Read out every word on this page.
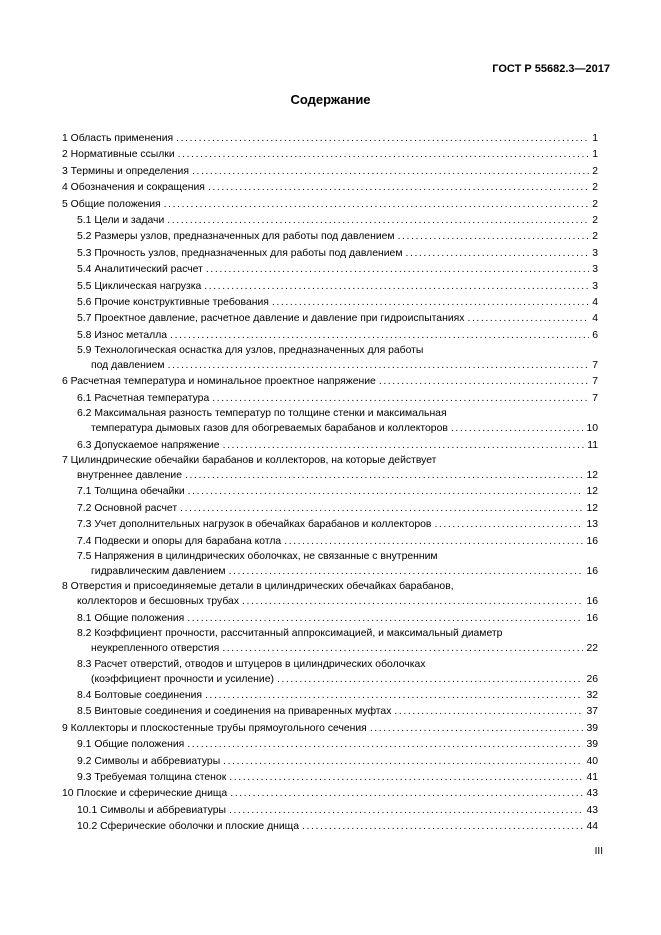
ГОСТ Р 55682.3—2017
Содержание
1 Область применения .....	1
2 Нормативные ссылки .....	1
3 Термины и определения .....	2
4 Обозначения и сокращения .....	2
5 Общие положения .....	2
5.1 Цели и задачи .....	2
5.2 Размеры узлов, предназначенных для работы под давлением .....	2
5.3 Прочность узлов, предназначенных для работы под давлением .....	3
5.4 Аналитический расчет .....	3
5.5 Циклическая нагрузка .....	3
5.6 Прочие конструктивные требования .....	4
5.7 Проектное давление, расчетное давление и давление при гидроиспытаниях .....	4
5.8 Износ металла .....	6
5.9 Технологическая оснастка для узлов, предназначенных для работы
под давлением .....	7
6 Расчетная температура и номинальное проектное напряжение .....	7
6.1 Расчетная температура .....	7
6.2 Максимальная разность температур по толщине стенки и максимальная
температура дымовых газов для обогреваемых барабанов и коллекторов .....	10
6.3 Допускаемое напряжение .....	11
7 Цилиндрические обечайки барабанов и коллекторов, на которые действует
внутреннее давление .....	12
7.1 Толщина обечайки .....	12
7.2 Основной расчет .....	12
7.3 Учет дополнительных нагрузок в обечайках барабанов и коллекторов .....	13
7.4 Подвески и опоры для барабана котла .....	16
7.5 Напряжения в цилиндрических оболочках, не связанные с внутренним
гидравлическим давлением .....	16
8 Отверстия и присоединяемые детали в цилиндрических обечайках барабанов,
коллекторов и бесшовных трубах .....	16
8.1 Общие положения .....	16
8.2 Коэффициент прочности, рассчитанный аппроксимацией, и максимальный диаметр
неукрепленного отверстия .....	22
8.3 Расчет отверстий, отводов и штуцеров в цилиндрических оболочках
(коэффициент прочности и усиление) .....	26
8.4 Болтовые соединения .....	32
8.5 Винтовые соединения и соединения на приваренных муфтах .....	37
9 Коллекторы и плоскостенные трубы прямоугольного сечения .....	39
9.1 Общие положения .....	39
9.2 Символы и аббревиатуры .....	40
9.3 Требуемая толщина стенок .....	41
10 Плоские и сферические днища .....	43
10.1 Символы и аббревиатуры .....	43
10.2 Сферические оболочки и плоские днища .....	44
III
